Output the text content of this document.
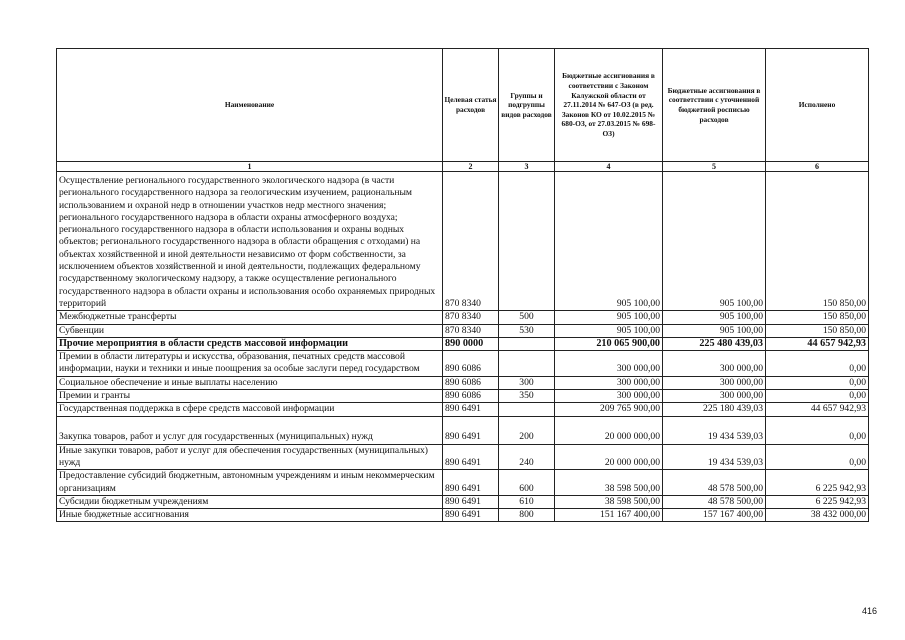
Наименование	Целевая статья расходов	Группы и подгруппы видов расходов	Бюджетные ассигнования в соответствии с Законом Калужской области от 27.11.2014 № 647-ОЗ (в ред. Законов КО от 10.02.2015 № 680-ОЗ, от 27.03.2015 № 698-ОЗ)	Бюджетные ассигнования в соответствии с уточненной бюджетной росписью расходов	Исполнено
1	2	3	4	5	6
Осуществление регионального государственного экологического надзора (в части регионального государственного надзора за геологическим изучением, рациональным использованием и охраной недр в отношении участков недр местного значения; регионального государственного надзора в области охраны атмосферного воздуха; регионального государственного надзора в области использования и охраны водных объектов; регионального государственного надзора в области обращения с отходами) на объектах хозяйственной и иной деятельности независимо от форм собственности, за исключением объектов хозяйственной и иной деятельности, подлежащих федеральному государственному экологическому надзору, а также осуществление регионального государственного надзора в области охраны и использования особо охраняемых природных территорий	870 8340		905 100,00	905 100,00	150 850,00
Межбюджетные трансферты	870 8340	500	905 100,00	905 100,00	150 850,00
Субвенции	870 8340	530	905 100,00	905 100,00	150 850,00
Прочие мероприятия в области средств массовой информации	890 0000		210 065 900,00	225 480 439,03	44 657 942,93
Премии в области литературы и искусства, образования, печатных средств массовой информации, науки и техники и иные поощрения за особые заслуги перед государством	890 6086		300 000,00	300 000,00	0,00
Социальное обеспечение и иные выплаты населению	890 6086	300	300 000,00	300 000,00	0,00
Премии и гранты	890 6086	350	300 000,00	300 000,00	0,00
Государственная поддержка в сфере средств массовой информации	890 6491		209 765 900,00	225 180 439,03	44 657 942,93
Закупка товаров, работ и услуг для государственных (муниципальных) нужд	890 6491	200	20 000 000,00	19 434 539,03	0,00
Иные закупки товаров, работ и услуг для обеспечения государственных (муниципальных) нужд	890 6491	240	20 000 000,00	19 434 539,03	0,00
Предоставление субсидий бюджетным, автономным учреждениям и иным некоммерческим организациям	890 6491	600	38 598 500,00	48 578 500,00	6 225 942,93
Субсидии бюджетным учреждениям	890 6491	610	38 598 500,00	48 578 500,00	6 225 942,93
Иные бюджетные ассигнования	890 6491	800	151 167 400,00	157 167 400,00	38 432 000,00
416
